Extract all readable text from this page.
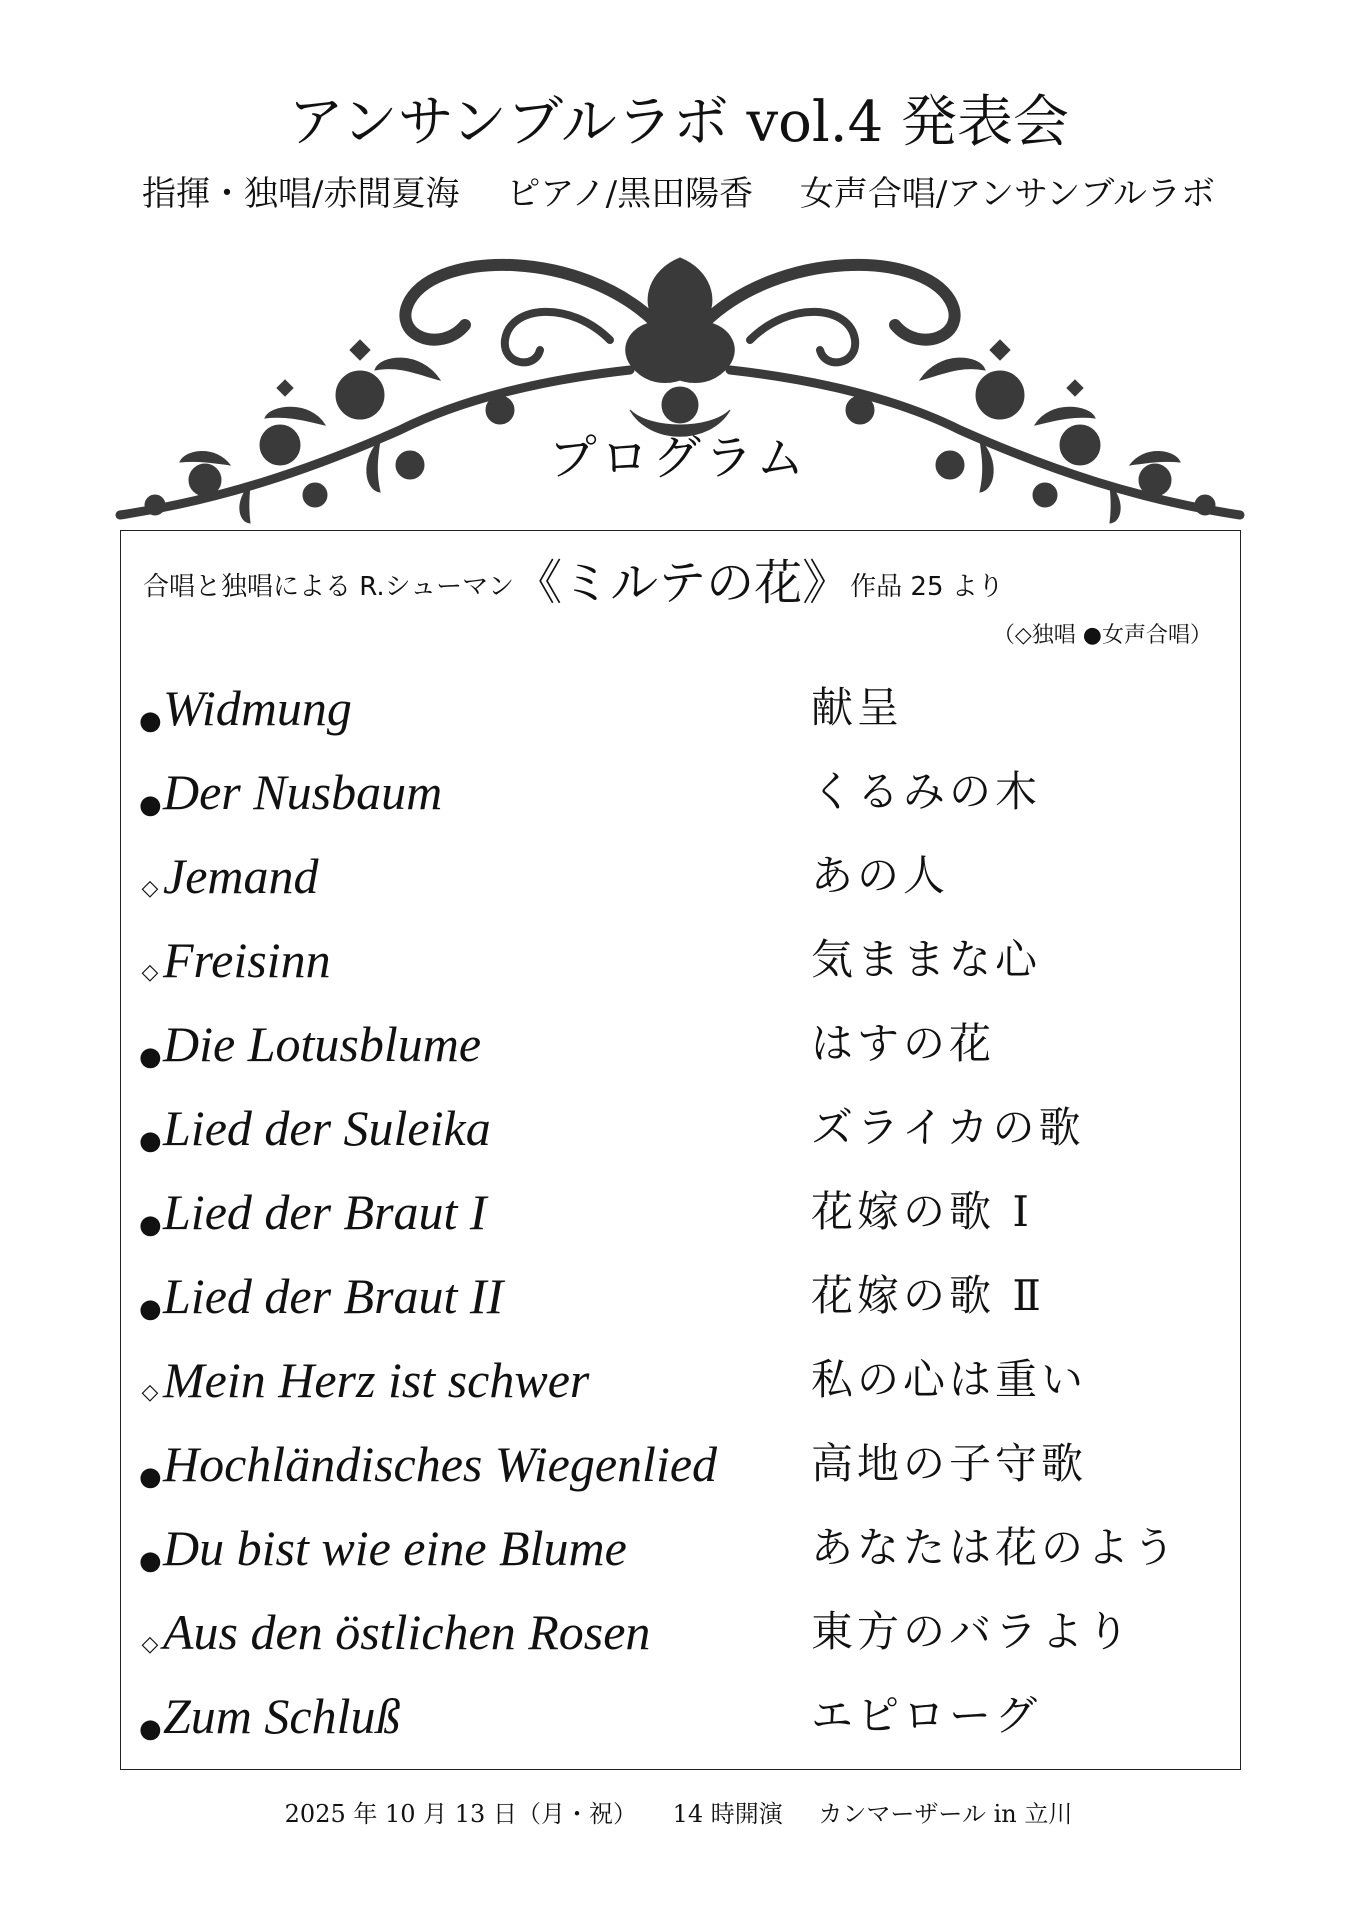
アンサンブルラボ vol.4 発表会
指揮・独唱/赤間夏海 ピアノ/黒田陽香 女声合唱/アンサンブルラボ
プログラム
合唱と独唱による R.シューマン《ミルテの花》作品 25 より
（◇独唱 ●女声合唱）
● Widmung	献呈
● Der Nusbaum	くるみの木
◇ Jemand	あの人
◇ Freisinn	気ままな心
● Die Lotusblume	はすの花
● Lied der Suleika	ズライカの歌
● Lied der Braut I	花嫁の歌 Ⅰ
● Lied der Braut II	花嫁の歌 Ⅱ
◇ Mein Herz ist schwer	私の心は重い
● Hochländisches Wiegenlied 高地の子守歌
● Du bist wie eine Blume	あなたは花のよう
◇ Aus den östlichen Rosen	東方のバラより
● Zum Schluß	エピローグ
2025 年 10 月 13 日（月・祝） 14 時開演 カンマーザール in 立川
